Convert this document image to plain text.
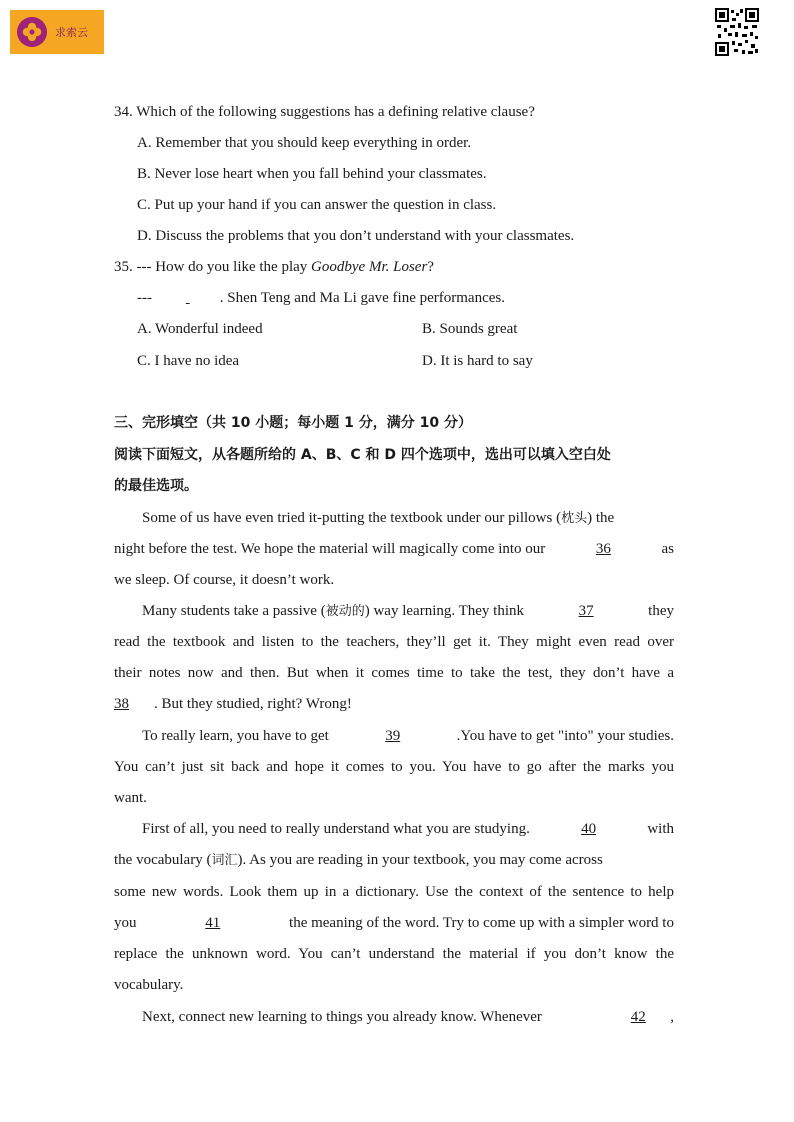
求索云
34. Which of the following suggestions has a defining relative clause?
A. Remember that you should keep everything in order.
B. Never lose heart when you fall behind your classmates.
C. Put up your hand if you can answer the question in class.
D. Discuss the problems that you don’t understand with your classmates.
35. --- How do you like the play Goodbye Mr. Loser?
---	. Shen Teng and Ma Li gave fine performances.
A. Wonderful indeed	B. Sounds great
C. I have no idea	D. It is hard to say
三、完形填空（共 10 小题；每小题 1 分，满分 10 分）
阅读下面短文，从各题所给的 A、B、C 和 D 四个选项中，选出可以填入空白处
的最佳选项。
Some of us have even tried it-putting the textbook under our pillows (枕头) the
night before the test. We hope the material will magically come into our	36	as
we sleep. Of course, it doesn’t work.
Many students take a passive (被动的) way learning. They think	37	they
read the textbook and listen to the teachers, they’ll get it. They might even read over
their notes now and then. But when it comes time to take the test, they don’t have a
38 . But they studied, right? Wrong!
To really learn, you have to get	39	.You have to get "into" your studies.
You can’t just sit back and hope it comes to you. You have to go after the marks you
want.
First of all, you need to really understand what you are studying.	40	with
the vocabulary (词汇). As you are reading in your textbook, you may come across
some new words. Look them up in a dictionary. Use the context of the sentence to help
you	41	the meaning of the word. Try to come up with a simpler word to
replace the unknown word. You can’t understand the material if you don’t know the
vocabulary.
Next, connect new learning to things you already know. Whenever	42 ,
